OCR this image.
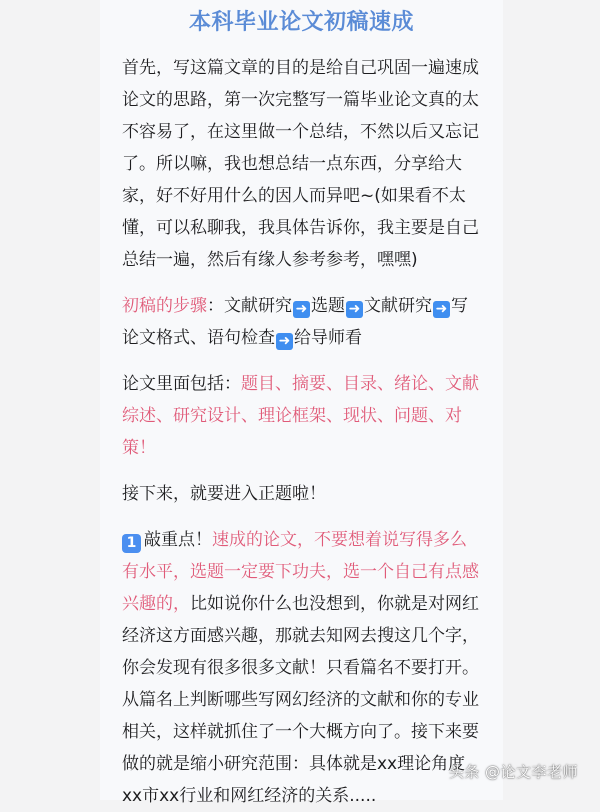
本科毕业论文初稿速成

首先，写这篇文章的目的是给自己巩固一遍速成论文的思路，第一次完整写一篇毕业论文真的太不容易了，在这里做一个总结，不然以后又忘记了。所以嘛，我也想总结一点东西，分享给大家，好不好用什么的因人而异吧~(如果看不太懂，可以私聊我，我具体告诉你，我主要是自己总结一遍，然后有缘人参考参考，嘿嘿)

初稿的步骤：文献研究 ➜ 选题 ➜ 文献研究 ➜ 写论文格式、语句检查 ➜ 给导师看

论文里面包括：题目、摘要、目录、绪论、文献综述、研究设计、理论框架、现状、问题、对策！

接下来，就要进入正题啦！

1 敲重点！速成的论文，不要想着说写得多么有水平，选题一定要下功夫，选一个自己有点感兴趣的，比如说你什么也没想到，你就是对网红经济这方面感兴趣，那就去知网去搜这几个字，你会发现有很多很多文献！只看篇名不要打开。从篇名上判断哪些写网幻经济的文献和你的专业相关，这样就抓住了一个大概方向了。接下来要做的就是缩小研究范围：具体就是xx理论角度xx市xx行业和网红经济的关系.....

头条 @论文李老师
